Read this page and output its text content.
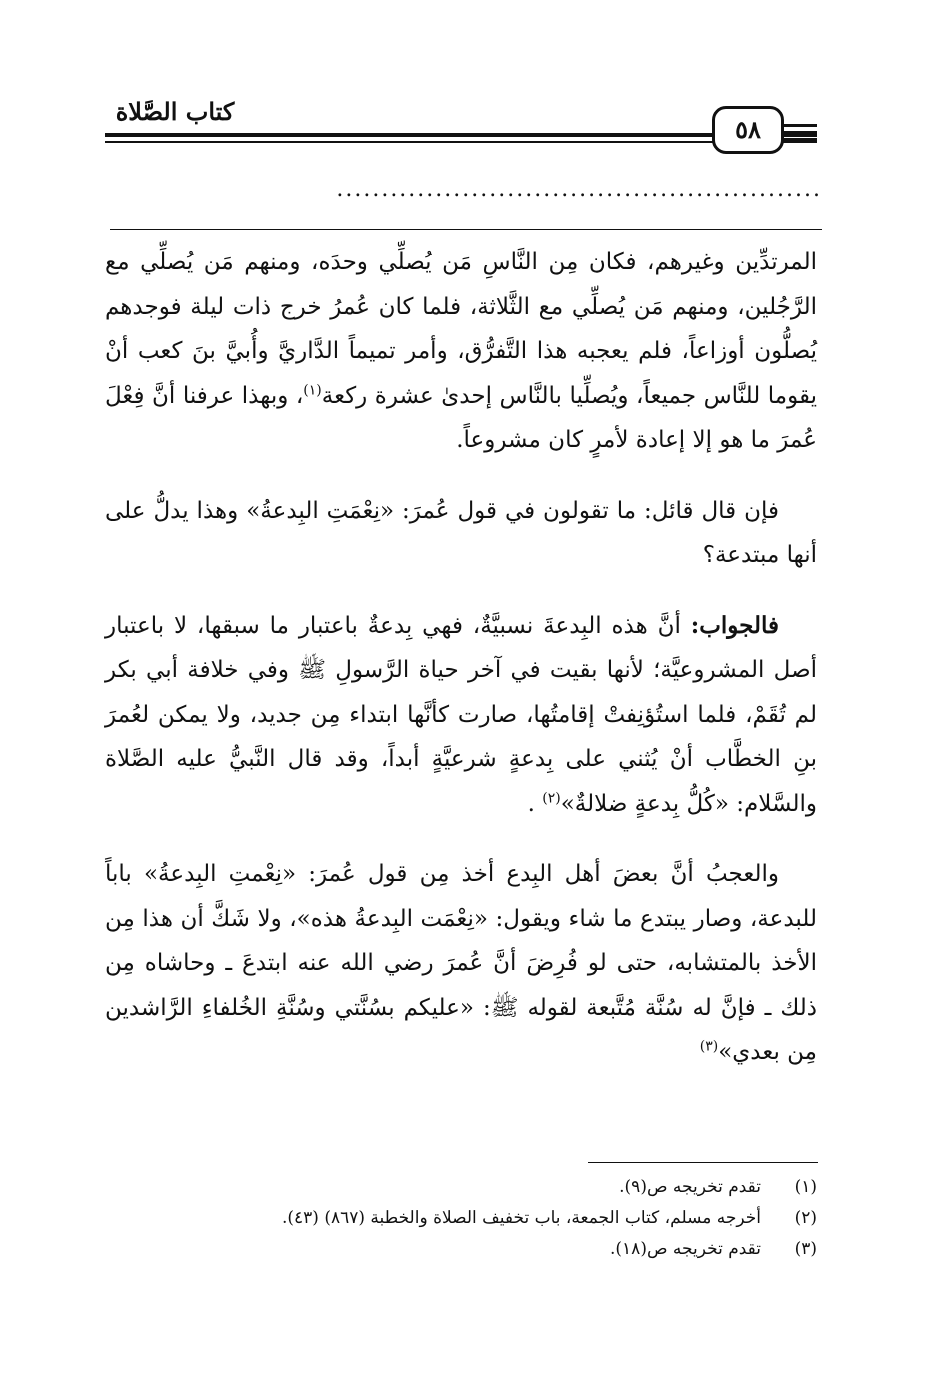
كتاب الصَّلاة
٥٨
......................................................

المرتدِّين وغيرهم، فكان مِن النَّاسِ مَن يُصلِّي وحدَه، ومنهم مَن يُصلِّي مع الرَّجُلين، ومنهم مَن يُصلِّي مع الثَّلاثة، فلما كان عُمرُ خرج ذات ليلة فوجدهم يُصلُّون أوزاعاً، فلم يعجبه هذا التَّفرُّق، وأمر تميماً الدَّاريَّ وأُبيَّ بنَ كعب أنْ يقوما للنَّاس جميعاً، ويُصلِّيا بالنَّاس إحدىٰ عشرة ركعة$^{(١)}$، وبهذا عرفنا أنَّ فِعْلَ عُمرَ ما هو إلا إعادة لأمرٍ كان مشروعاً.

فإن قال قائل: ما تقولون في قول عُمرَ: «نِعْمَتِ البِدعةُ» وهذا يدلُّ على أنها مبتدعة؟

فالجواب: أنَّ هذه البِدعةَ نسبيَّةٌ، فهي بِدعةٌ باعتبار ما سبقها، لا باعتبار أصل المشروعيَّة؛ لأنها بقيت في آخر حياة الرَّسولِ ﷺ وفي خلافة أبي بكر لم تُقَمْ، فلما استُؤنِفتْ إقامتُها، صارت كأنَّها ابتداء مِن جديد، ولا يمكن لعُمرَ بنِ الخطَّاب أنْ يُثني على بِدعةٍ شرعيَّةٍ أبداً، وقد قال النَّبيُّ عليه الصَّلاة والسَّلام: «كُلُّ بِدعةٍ ضلالةٌ»$^{(٢)}$ .

والعجبُ أنَّ بعضَ أهل البِدع أخذ مِن قول عُمرَ: «نِعْمتِ البِدعةُ» باباً للبدعة، وصار يبتدع ما شاء ويقول: «نِعْمَت البِدعةُ هذه»، ولا شَكَّ أن هذا مِن الأخذ بالمتشابه، حتى لو فُرِضَ أنَّ عُمرَ رضي الله عنه ابتدعَ ـ وحاشاه مِن ذلك ـ فإنَّ له سُنَّة مُتَّبعة لقوله ﷺ: «عليكم بسُنَّتي وسُنَّةِ الخُلفاءِ الرَّاشدين مِن بعدي»$^{(٣)}$

(١)
تقدم تخريجه ص(٩).
(٢)
أخرجه مسلم، كتاب الجمعة، باب تخفيف الصلاة والخطبة (٨٦٧) (٤٣).
(٣)
تقدم تخريجه ص(١٨).
